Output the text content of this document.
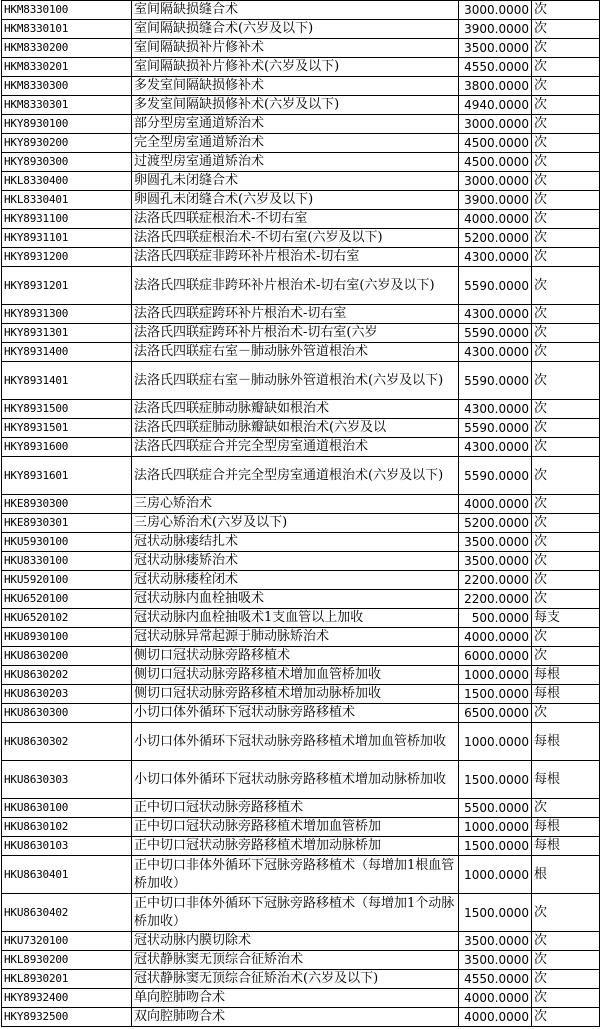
HKM8330100	室间隔缺损缝合术	3000.0000	次
HKM8330101	室间隔缺损缝合术(六岁及以下)	3900.0000	次
HKM8330200	室间隔缺损补片修补术	3500.0000	次
HKM8330201	室间隔缺损补片修补术(六岁及以下)	4550.0000	次
HKM8330300	多发室间隔缺损修补术	3800.0000	次
HKM8330301	多发室间隔缺损修补术(六岁及以下)	4940.0000	次
HKY8930100	部分型房室通道矫治术	3000.0000	次
HKY8930200	完全型房室通道矫治术	4500.0000	次
HKY8930300	过渡型房室通道矫治术	4500.0000	次
HKL8330400	卵圆孔未闭缝合术	3000.0000	次
HKL8330401	卵圆孔未闭缝合术(六岁及以下)	3900.0000	次
HKY8931100	法洛氏四联症根治术-不切右室	4000.0000	次
HKY8931101	法洛氏四联症根治术-不切右室(六岁及以下)	5200.0000	次
HKY8931200	法洛氏四联症非跨环补片根治术-切右室	4300.0000	次
HKY8931201	法洛氏四联症非跨环补片根治术-切右室(六岁及以下)	5590.0000	次
HKY8931300	法洛氏四联症跨环补片根治术-切右室	4300.0000	次
HKY8931301	法洛氏四联症跨环补片根治术-切右室(六岁	5590.0000	次
HKY8931400	法洛氏四联症右室－肺动脉外管道根治术	4300.0000	次
HKY8931401	法洛氏四联症右室－肺动脉外管道根治术(六岁及以下)	5590.0000	次
HKY8931500	法洛氏四联症肺动脉瓣缺如根治术	4300.0000	次
HKY8931501	法洛氏四联症肺动脉瓣缺如根治术(六岁及以	5590.0000	次
HKY8931600	法洛氏四联症合并完全型房室通道根治术	4300.0000	次
HKY8931601	法洛氏四联症合并完全型房室通道根治术(六岁及以下)	5590.0000	次
HKE8930300	三房心矫治术	4000.0000	次
HKE8930301	三房心矫治术(六岁及以下)	5200.0000	次
HKU5930100	冠状动脉瘘结扎术	3500.0000	次
HKU8330100	冠状动脉瘘矫治术	3500.0000	次
HKU5920100	冠状动脉瘘栓闭术	2200.0000	次
HKU6520100	冠状动脉内血栓抽吸术	2200.0000	次
HKU6520102	冠状动脉内血栓抽吸术1支血管以上加收	500.0000	每支
HKU8930100	冠状动脉异常起源于肺动脉矫治术	4000.0000	次
HKU8630200	侧切口冠状动脉旁路移植术	6000.0000	次
HKU8630202	侧切口冠状动脉旁路移植术增加血管桥加收	1000.0000	每根
HKU8630203	侧切口冠状动脉旁路移植术增加动脉桥加收	1500.0000	每根
HKU8630300	小切口体外循环下冠状动脉旁路移植术	6500.0000	次
HKU8630302	小切口体外循环下冠状动脉旁路移植术增加血管桥加收	1000.0000	每根
HKU8630303	小切口体外循环下冠状动脉旁路移植术增加动脉桥加收	1500.0000	每根
HKU8630100	正中切口冠状动脉旁路移植术	5500.0000	次
HKU8630102	正中切口冠状动脉旁路移植术增加血管桥加	1000.0000	每根
HKU8630103	正中切口冠状动脉旁路移植术增加动脉桥加	1500.0000	每根
HKU8630401	正中切口非体外循环下冠脉旁路移植术（每增加1根血管桥加收）	1000.0000	根
HKU8630402	正中切口非体外循环下冠脉旁路移植术（每增加1个动脉桥加收）	1500.0000	次
HKU7320100	冠状动脉内膜切除术	3500.0000	次
HKL8930200	冠状静脉窦无顶综合征矫治术	3500.0000	次
HKL8930201	冠状静脉窦无顶综合征矫治术(六岁及以下)	4550.0000	次
HKY8932400	单向腔肺吻合术	4000.0000	次
HKY8932500	双向腔肺吻合术	4000.0000	次
